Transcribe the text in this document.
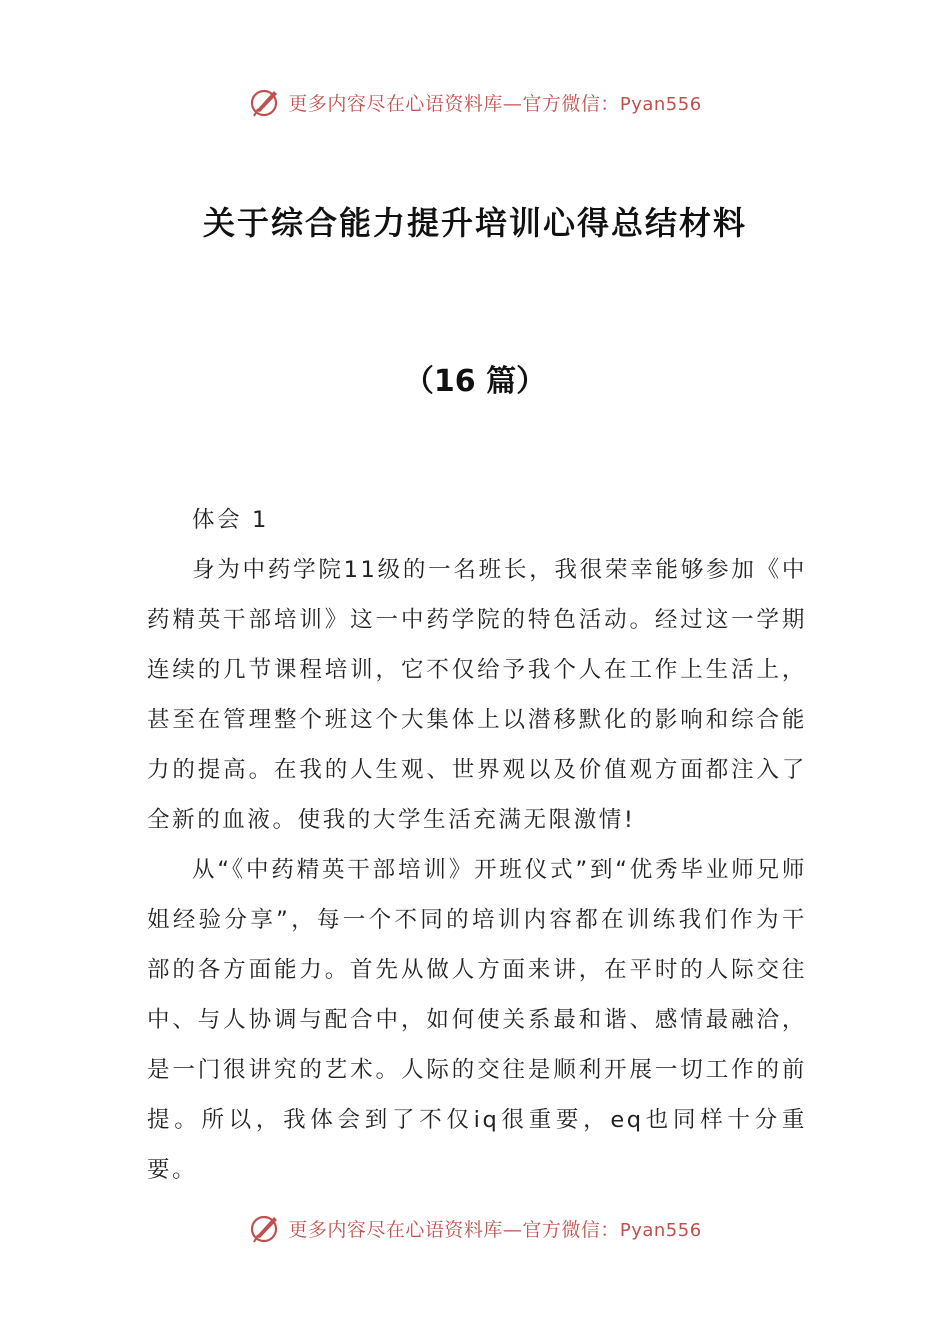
更多内容尽在心语资料库—官方微信：Pyan556
关于综合能力提升培训心得总结材料
（16 篇）

体会 1

身为中药学院11级的一名班长，我很荣幸能够参加《中药精英干部培训》这一中药学院的特色活动。经过这一学期连续的几节课程培训，它不仅给予我个人在工作上生活上，甚至在管理整个班这个大集体上以潜移默化的影响和综合能力的提高。在我的人生观、世界观以及价值观方面都注入了全新的血液。使我的大学生活充满无限激情!

从“《中药精英干部培训》开班仪式”到“优秀毕业师兄师姐经验分享”，每一个不同的培训内容都在训练我们作为干部的各方面能力。首先从做人方面来讲，在平时的人际交往中、与人协调与配合中，如何使关系最和谐、感情最融洽，是一门很讲究的艺术。人际的交往是顺利开展一切工作的前提。所以，我体会到了不仅iq很重要，eq也同样十分重要。

更多内容尽在心语资料库—官方微信：Pyan556
